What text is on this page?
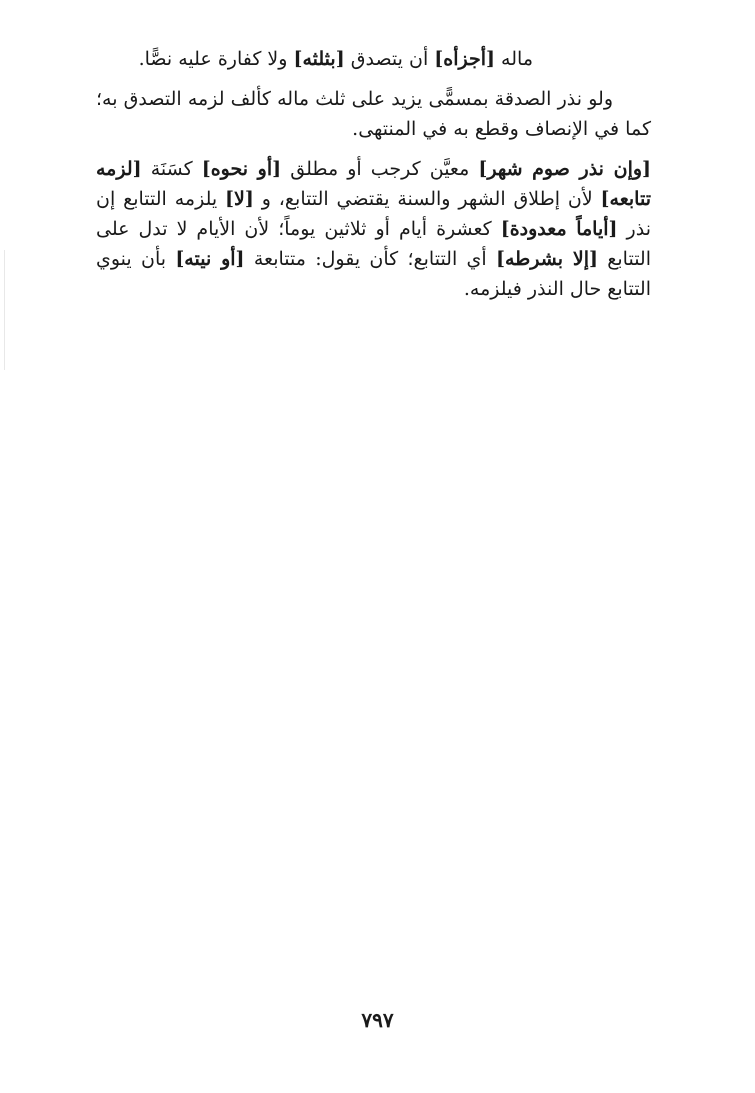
ماله [أجزأه] أن يتصدق [بثلثه] ولا كفارة عليه نصًّا.

ولو نذر الصدقة بمسمًّى يزيد على ثلث ماله كألف لزمه التصدق به؛ كما في الإنصاف وقطع به في المنتهى.

[وإن نذر صوم شهر] معيَّن كرجب أو مطلق [أو نحوه] كسَنَة [لزمه تتابعه] لأن إطلاق الشهر والسنة يقتضي التتابع، و [لا] يلزمه التتابع إن نذر [أياماً معدودة] كعشرة أيام أو ثلاثين يوماً؛ لأن الأيام لا تدل على التتابع [إلا بشرطه] أي التتابع؛ كأن يقول: متتابعة [أو نيته] بأن ينوي التتابع حال النذر فيلزمه.

٧٩٧
